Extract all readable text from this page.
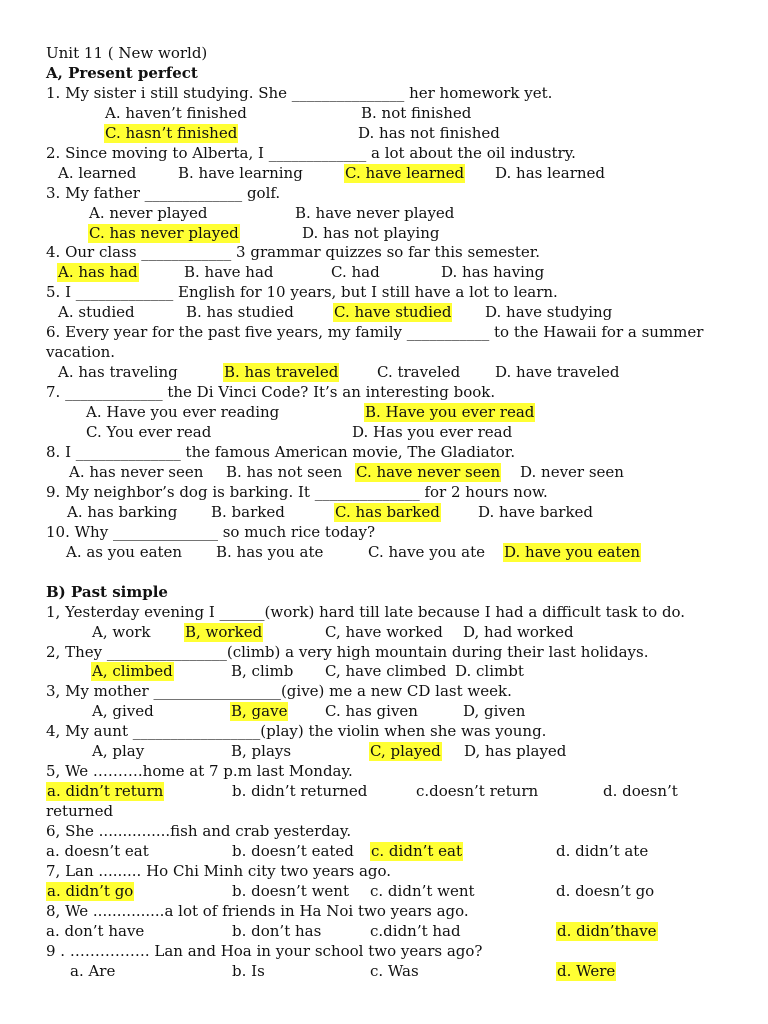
Unit 11 ( New world)
A, Present perfect
1. My sister i still studying. She _______________ her homework yet.
A. haven’t finished	B. not finished
C. hasn’t finished	D. has not finished
2. Since moving to Alberta, I _____________ a lot about the oil industry.
A. learned	B. have learning	C. have learned D. has learned
3. My father _____________ golf.
A. never played	B. have never played
C. has never played	D. has not playing
4. Our class ____________ 3 grammar quizzes so far this semester.
A. has had	B. have had	C. had	D. has having
5. I _____________ English for 10 years, but I still have a lot to learn.
A. studied	B. has studied	C. have studied D. have studying
6. Every year for the past five years, my family ___________ to the Hawaii for a summer
vacation.
A. has traveling	B. has traveled	C. traveled D. have traveled
7. _____________ the Di Vinci Code? It’s an interesting book.
A. Have you ever reading	B. Have you ever read
C. You ever read	D. Has you ever read
8. I ______________ the famous American movie, The Gladiator.
A. has never seen B. has not seen C. have never seen D. never seen
9. My neighbor’s dog is barking. It ______________ for 2 hours now.
A. has barking B. barked	C. has barked	D. have barked
10. Why ______________ so much rice today?
A. as you eaten B. has you ate	C. have you ate D. have you eaten
B) Past simple
1, Yesterday evening I ______(work) hard till late because I had a difficult task to do.
A, work B, worked	C, have worked D, had worked
2, They ________________(climb) a very high mountain during their last holidays.
A, climbed	B, climb C, have climbed D. climbt
3, My mother _________________(give) me a new CD last week.
A, gived	B, gave	C. has given	D, given
4, My aunt _________________(play) the violin when she was young.
A, play	B, plays	C, played D, has played
5, We ……….home at 7 p.m last Monday.
a. didn’t return	b. didn’t returned	c.doesn’t return	d. doesn’t
returned
6, She ...............fish and crab yesterday.
a. doesn’t eat	b. doesn’t eated c. didn’t eat	d. didn’t ate
7, Lan ......... Ho Chi Minh city two years ago.
a. didn’t go	b. doesn’t went c. didn’t went	d. doesn’t go
8, We ...............a lot of friends in Ha Noi two years ago.
a. don’t have	b. don’t has	c.didn’t had	d. didn’thave
9 . ……………. Lan and Hoa in your school two years ago?
a. Are	b. Is	c. Was	d. Were
